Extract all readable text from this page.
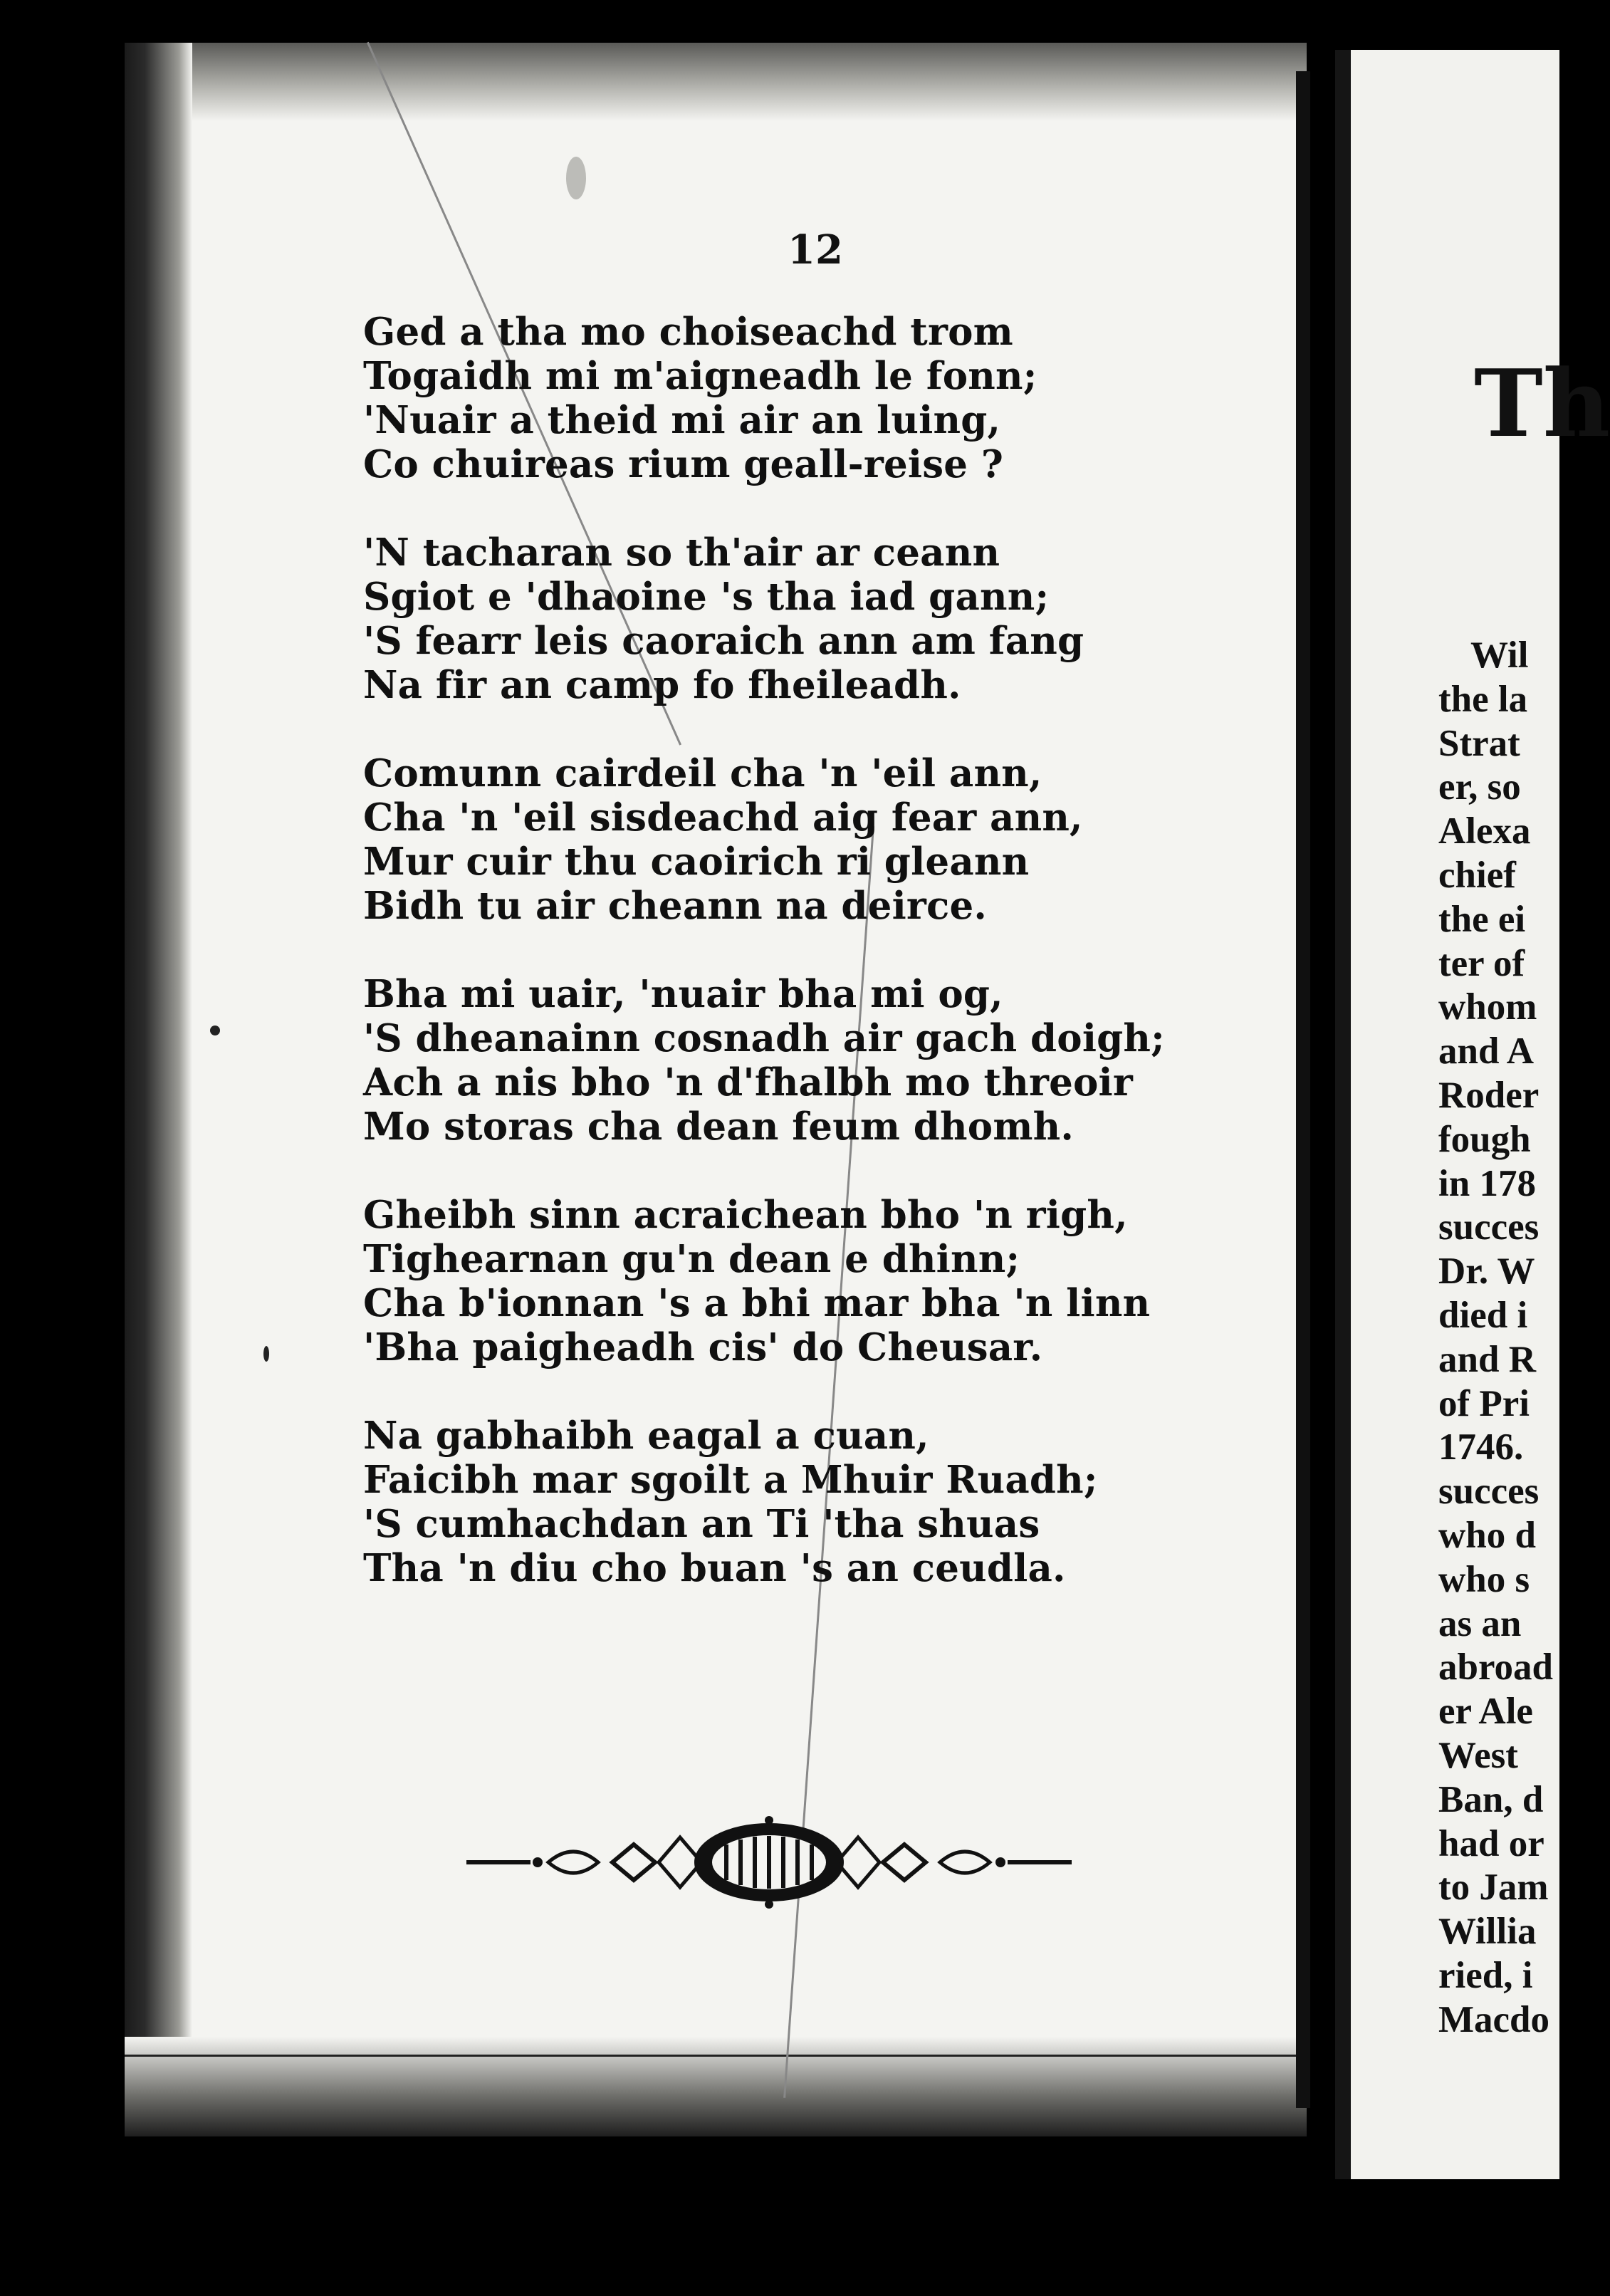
12
Ged a tha mo choiseachd trom
Togaidh mi m'aigneadh le fonn;
'Nuair a theid mi air an luing,
Co chuireas rium geall-reise ?
'N tacharan so th'air ar ceann
Sgiot e 'dhaoine 's tha iad gann;
'S fearr leis caoraich ann am fang
Na fir an camp fo fheileadh.
Comunn cairdeil cha 'n 'eil ann,
Cha 'n 'eil sisdeachd aig fear ann,
Mur cuir thu caoirich ri gleann
Bidh tu air cheann na deirce.
Bha mi uair, 'nuair bha mi og,
'S dheanainn cosnadh air gach doigh;
Ach a nis bho 'n d'fhalbh mo threoir
Mo storas cha dean feum dhomh.
Gheibh sinn acraichean bho 'n righ,
Tighearnan gu'n dean e dhinn;
Cha b'ionnan 's a bhi mar bha 'n linn
'Bha paigheadh cis' do Cheusar.
Na gabhaibh eagal a cuan,
Faicibh mar sgoilt a Mhuir Ruadh;
'S cumhachdan an Ti 'tha shuas
Tha 'n diu cho buan 's an ceudla.
Th
Wil
the la
Strat
er, so
Alexa
chief
the ei
ter of
whom
and A
Roder
fough
in 178
succes
Dr. W
died i
and R
of Pri
1746.
succes
who d
who s
as an
abroad
er Ale
West
Ban, d
had or
to Jam
Willia
ried, i
Macdo
